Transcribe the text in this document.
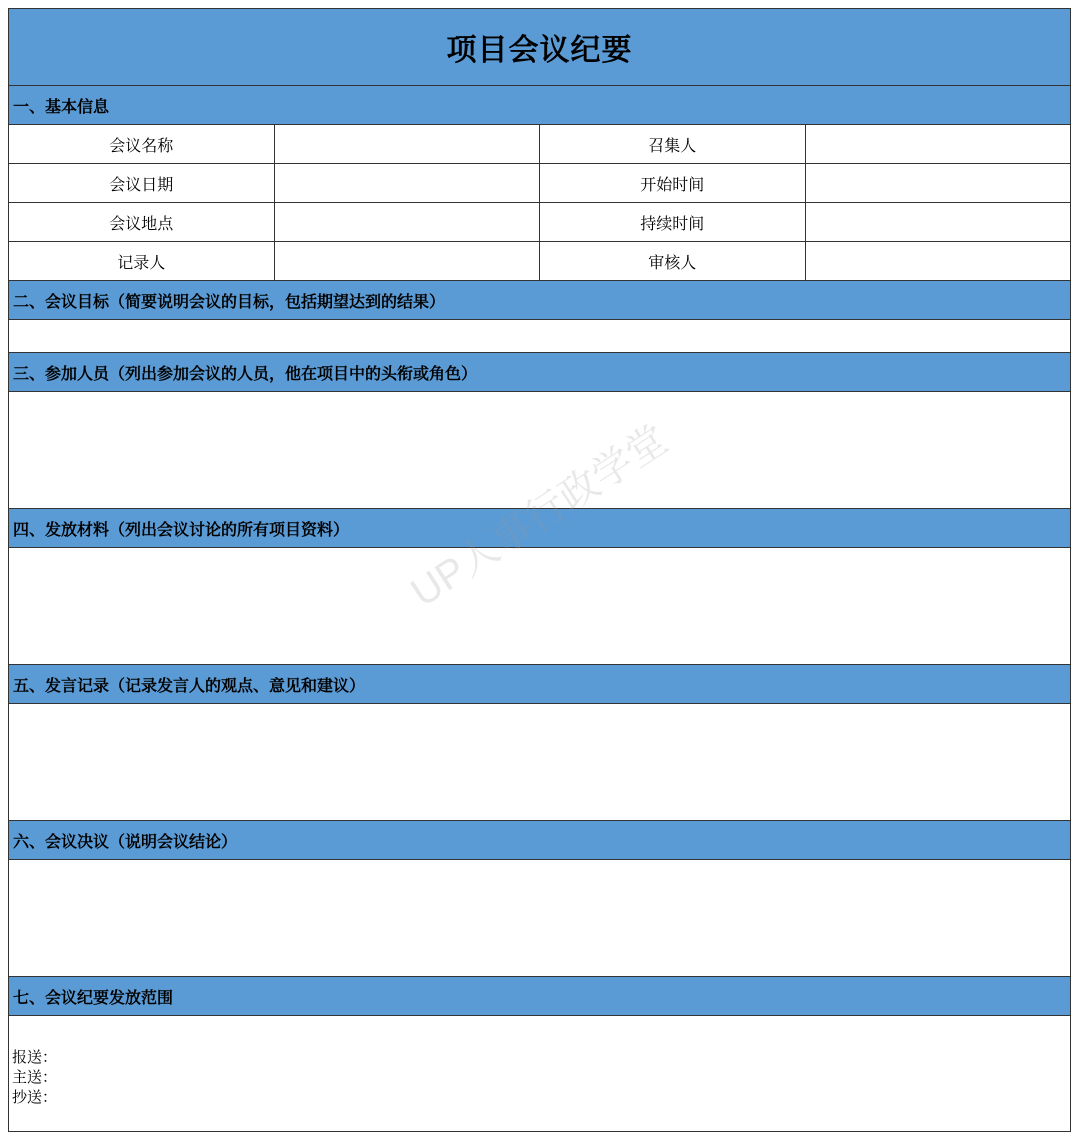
项目会议纪要
一、基本信息
会议名称	召集人
会议日期	开始时间
会议地点	持续时间
记录人	审核人
二、会议目标（简要说明会议的目标，包括期望达到的结果）
三、参加人员（列出参加会议的人员，他在项目中的头衔或角色）
四、发放材料（列出会议讨论的所有项目资料）
五、发言记录（记录发言人的观点、意见和建议）
六、会议决议（说明会议结论）
七、会议纪要发放范围
报送：
主送：
抄送：
UP人事行政学堂
